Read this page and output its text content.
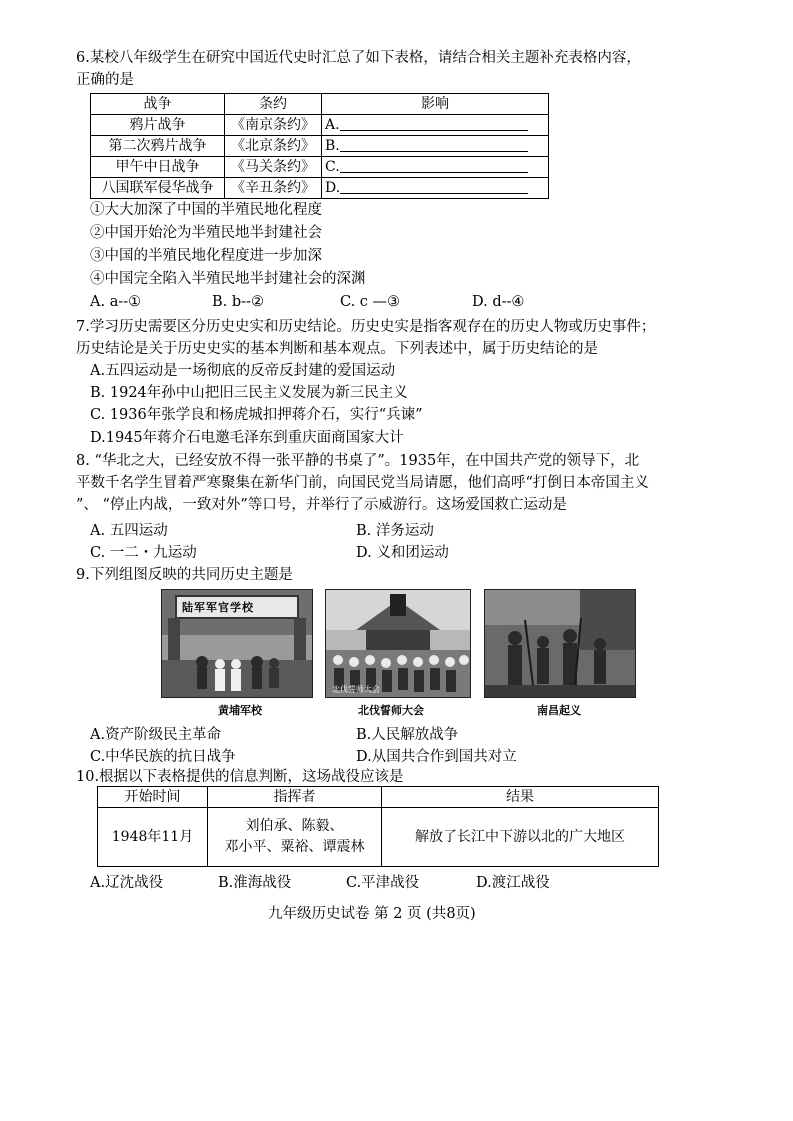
6.某校八年级学生在研究中国近代史时汇总了如下表格，请结合相关主题补充表格内容，
正确的是
战争	条约	影响
鸦片战争	《南京条约》	A.
第二次鸦片战争	《北京条约》	B.
甲午中日战争	《马关条约》	C.
八国联军侵华战争	《辛丑条约》	D.
①大大加深了中国的半殖民地化程度
②中国开始沦为半殖民地半封建社会
③中国的半殖民地化程度进一步加深
④中国完全陷入半殖民地半封建社会的深渊
A. a--①	B. b--②	C. c —③	D. d--④
7.学习历史需要区分历史史实和历史结论。历史史实是指客观存在的历史人物或历史事件；
历史结论是关于历史史实的基本判断和基本观点。下列表述中，属于历史结论的是
A.五四运动是一场彻底的反帝反封建的爱国运动
B. 1924年孙中山把旧三民主义发展为新三民主义
C. 1936年张学良和杨虎城扣押蒋介石，实行“兵谏”
D.1945年蒋介石电邀毛泽东到重庆面商国家大计
8. “华北之大，已经安放不得一张平静的书桌了”。1935年，在中国共产党的领导下，北
平数千名学生冒着严寒聚集在新华门前，向国民党当局请愿，他们高呼“打倒日本帝国主义
”、 “停止内战，一致对外”等口号，并举行了示威游行。这场爱国救亡运动是
A. 五四运动	B. 洋务运动
C. 一二・九运动	D. 义和团运动
9.下列组图反映的共同历史主题是
陆军军官学校
黄埔军校
北伐誓师大会
北伐誓师大会	南昌起义
A.资产阶级民主革命	B.人民解放战争
C.中华民族的抗日战争	D.从国共合作到国共对立
10.根据以下表格提供的信息判断，这场战役应该是
开始时间	指挥者	结果
1948年11月	刘伯承、陈毅、
邓小平、粟裕、谭震林	解放了长江中下游以北的广大地区
A.辽沈战役	B.淮海战役	C.平津战役	D.渡江战役
九年级历史试卷 第 2 页 (共8页)
